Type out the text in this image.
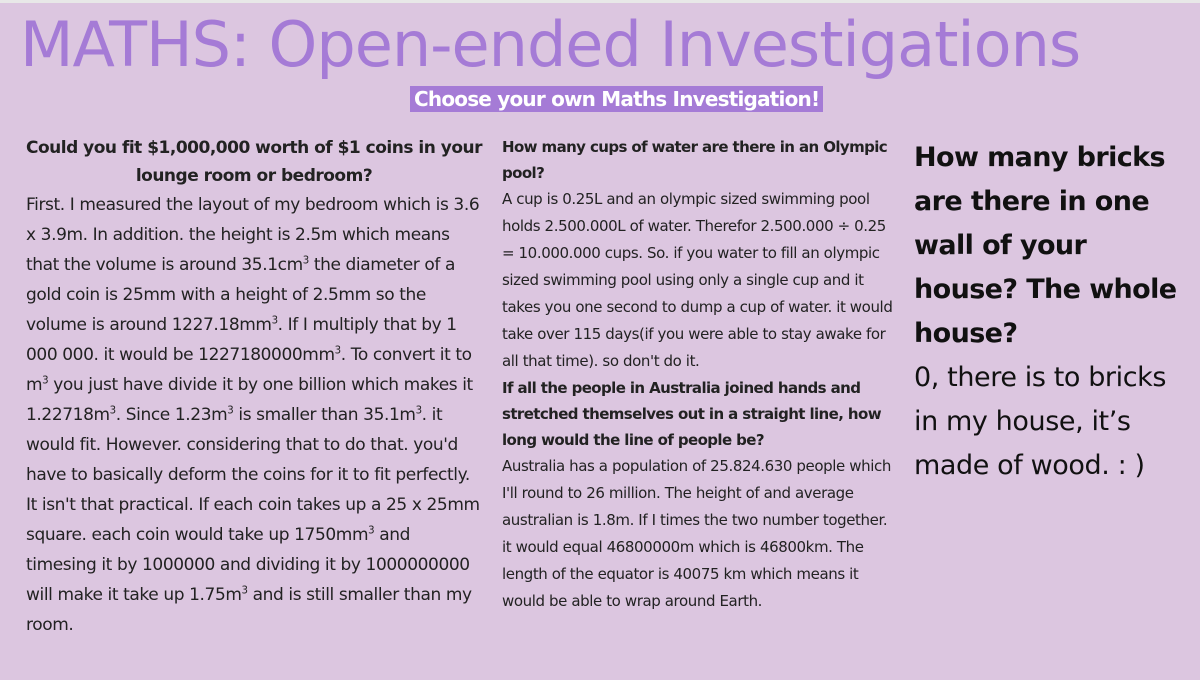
MATHS: Open-ended Investigations
Choose your own Maths Investigation!
Could you fit $1,000,000 worth of $1 coins in your lounge room or bedroom?
First. I measured the layout of my bedroom which is 3.6 x 3.9m. In addition. the height is 2.5m which means that the volume is around $35.1cm^3$ the diameter of a gold coin is 25mm with a height of 2.5mm so the volume is around $1227.18mm^3$. If I multiply that by 1 000 000. it would be $1227180000mm^3$. To convert it to $m^3$ you just have divide it by one billion which makes it $1.22718m^3$. Since $1.23m^3$ is smaller than $35.1m^3$. it would fit. However. considering that to do that. you'd have to basically deform the coins for it to fit perfectly. It isn't that practical. If each coin takes up a 25 x 25mm square. each coin would take up $1750mm^3$ and timesing it by 1000000 and dividing it by 1000000000 will make it take up $1.75m^3$ and is still smaller than my room.
How many cups of water are there in an Olympic pool?
A cup is 0.25L and an olympic sized swimming pool holds 2.500.000L of water. Therefor 2.500.000 ÷ 0.25 = 10.000.000 cups. So. if you water to fill an olympic sized swimming pool using only a single cup and it takes you one second to dump a cup of water. it would take over 115 days(if you were able to stay awake for all that time). so don't do it.
If all the people in Australia joined hands and stretched themselves out in a straight line, how long would the line of people be?
Australia has a population of 25.824.630 people which I'll round to 26 million. The height of and average australian is 1.8m. If I times the two number together. it would equal 46800000m which is 46800km. The length of the equator is 40075 km which means it would be able to wrap around Earth.
How many bricks are there in one wall of your house? The whole house?
0, there is to bricks in my house, it’s made of wood. : )
